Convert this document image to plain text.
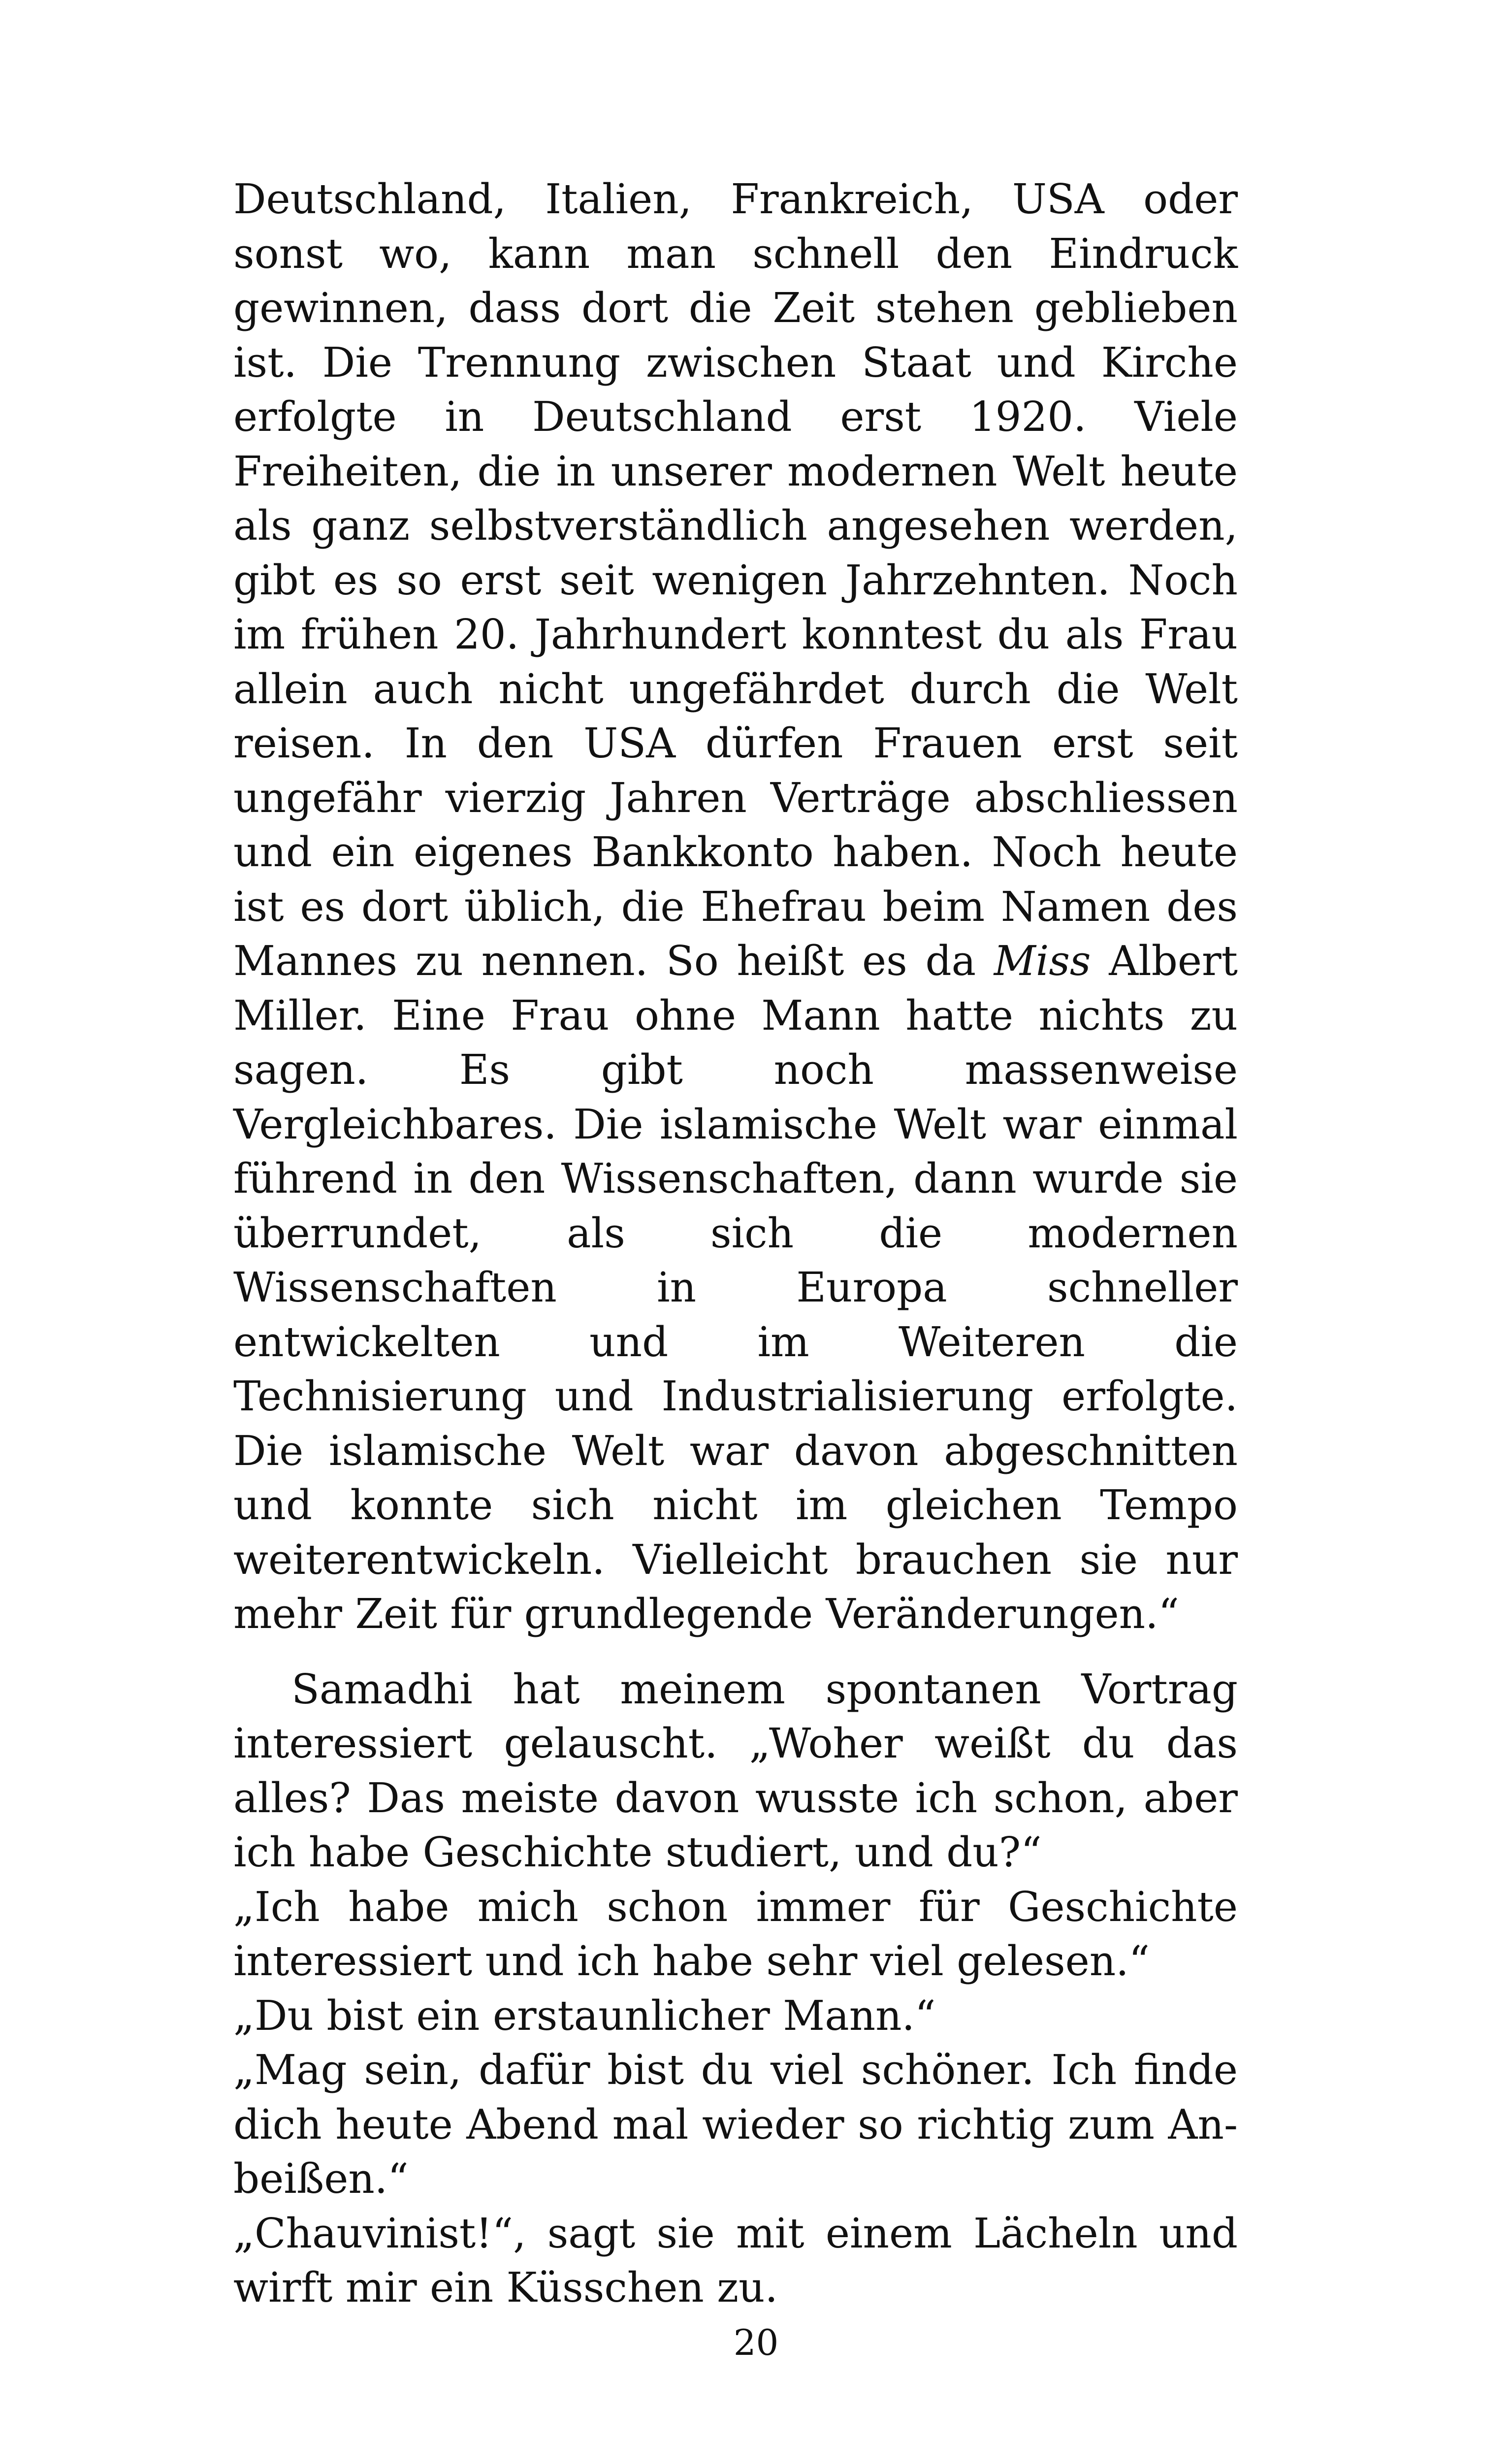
Deutschland, Italien, Frankreich, USA oder sonst wo, kann man schnell den Eindruck gewinnen, dass dort die Zeit stehen geblieben ist. Die Trennung zwischen Staat und Kirche erfolgte in Deutschland erst 1920. Viele Freiheiten, die in unserer modernen Welt heute als ganz selbstverständlich angesehen werden, gibt es so erst seit wenigen Jahrzehnten. Noch im frühen 20. Jahrhundert konntest du als Frau allein auch nicht ungefährdet durch die Welt reisen. In den USA dürfen Frauen erst seit ungefähr vierzig Jahren Verträge abschliessen und ein eigenes Bankkonto haben. Noch heute ist es dort üblich, die Ehefrau beim Namen des Mannes zu nennen. So heißt es da Miss Albert Miller. Eine Frau ohne Mann hatte nichts zu sagen. Es gibt noch massenweise Vergleichbares. Die islamische Welt war einmal führend in den Wissenschaften, dann wurde sie überrundet, als sich die modernen Wissenschaften in Europa schneller entwickelten und im Weiteren die Technisierung und Industrialisierung erfolgte. Die islamische Welt war davon abgeschnitten und konnte sich nicht im gleichen Tempo weiterentwickeln. Vielleicht brauchen sie nur mehr Zeit für grundlegende Veränderungen.“

Samadhi hat meinem spontanen Vortrag interessiert gelauscht. „Woher weißt du das alles? Das meiste davon wusste ich schon, aber ich habe Geschichte studiert, und du?“

„Ich habe mich schon immer für Geschichte interessiert und ich habe sehr viel gelesen.“

„Du bist ein erstaunlicher Mann.“

„Mag sein, dafür bist du viel schöner. Ich finde dich heute Abend mal wieder so richtig zum Anbeißen.“

„Chauvinist!“, sagt sie mit einem Lächeln und wirft mir ein Küsschen zu.

20
